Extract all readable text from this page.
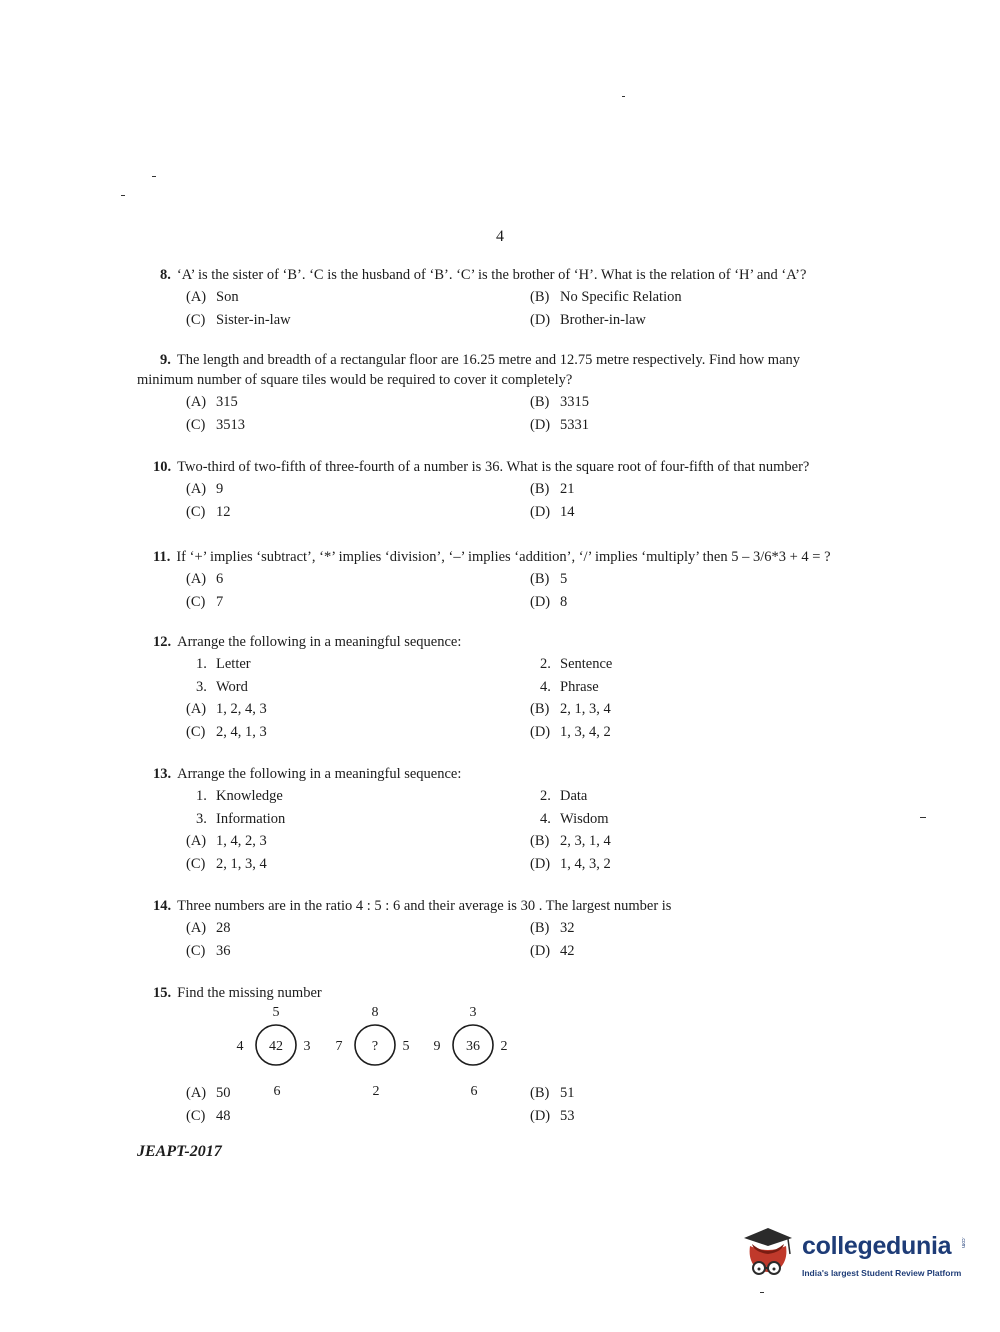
4
8. ‘A’ is the sister of ‘B’. ‘C is the husband of ‘B’. ‘C’ is the brother of ‘H’. What is the relation of ‘H’ and ‘A’?
(A) Son	(B) No Specific Relation
(C) Sister-in-law	(D) Brother-in-law
9. The length and breadth of a rectangular floor are 16.25 metre and 12.75 metre respectively. Find how many
minimum number of square tiles would be required to cover it completely?
(A) 315	(B) 3315
(C) 3513	(D) 5331
10. Two-third of two-fifth of three-fourth of a number is 36. What is the square root of four-fifth of that number?
(A) 9	(B) 21
(C) 12	(D) 14
11. If ‘+’ implies ‘subtract’, ‘*’ implies ‘division’, ‘–’ implies ‘addition’, ‘/’ implies ‘multiply’ then 5 – 3/6*3 + 4 = ?
(A) 6	(B) 5
(C) 7	(D) 8
12. Arrange the following in a meaningful sequence:
1. Letter	2. Sentence
3. Word	4. Phrase
(A) 1, 2, 4, 3	(B) 2, 1, 3, 4
(C) 2, 4, 1, 3	(D) 1, 3, 4, 2
13. Arrange the following in a meaningful sequence:
1. Knowledge	2. Data
3. Information	4. Wisdom
(A) 1, 4, 2, 3	(B) 2, 3, 1, 4
(C) 2, 1, 3, 4	(D) 1, 4, 3, 2
14. Three numbers are in the ratio 4 : 5 : 6 and their average is 30 . The largest number is
(A) 28	(B) 32
(C) 36	(D) 42
15. Find the missing number
5
4 42 3
6
8
7 ? 5
2
3
9 36 2
6
(A) 50	(B) 51
(C) 48	(D) 53
JEAPT-2017
collegedunia .com
India's largest Student Review Platform
